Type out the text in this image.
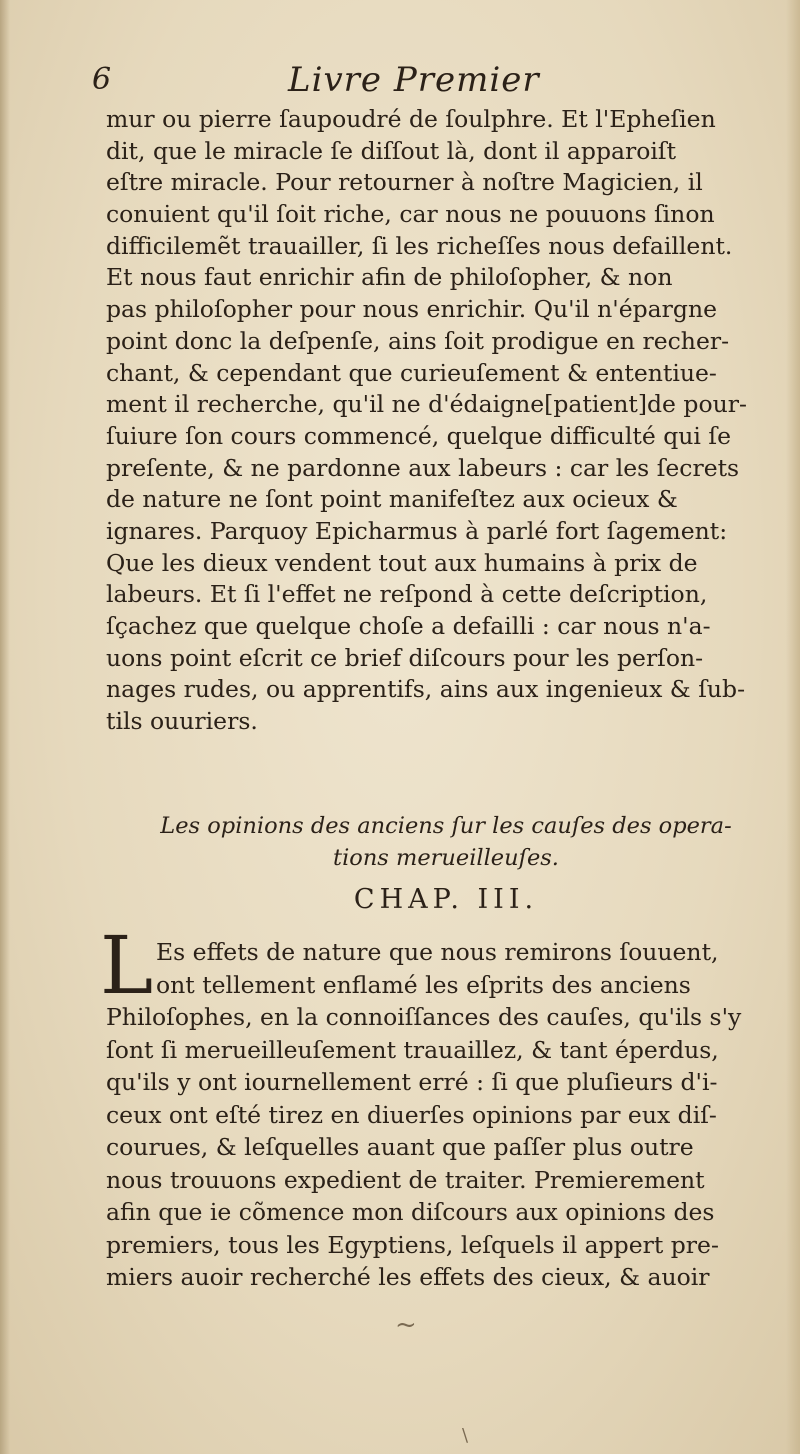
6	Livre Premier
mur ou pierre ſaupoudré de ſoulphre. Et l'Epheſien
dit, que le miracle ſe diſſout là, dont il apparoiſt
eſtre miracle. Pour retourner à noſtre Magicien, il
conuient qu'il ſoit riche, car nous ne pouuons ſinon
difficilemẽt trauailler, ſi les richeſſes nous defaillent.
Et nous faut enrichir afin de philoſopher, & non
pas philoſopher pour nous enrichir. Qu'il n'épargne
point donc la deſpenſe, ains ſoit prodigue en recher-
chant, & cependant que curieuſement & ententiue-
ment il recherche, qu'il ne d'édaigne[patient]de pour-
ſuiure ſon cours commencé, quelque difficulté qui ſe
preſente, & ne pardonne aux labeurs : car les ſecrets
de nature ne ſont point manifeſtez aux ocieux &
ignares. Parquoy Epicharmus à parlé fort ſagement:
Que les dieux vendent tout aux humains à prix de
labeurs. Et ſi l'effet ne reſpond à cette deſcription,
ſçachez que quelque choſe a defailli : car nous n'a-
uons point eſcrit ce brief diſcours pour les perſon-
nages rudes, ou apprentifs, ains aux ingenieux & ſub-
tils ouuriers.
Les opinions des anciens ſur les cauſes des opera-
tions merueilleuſes.
CHAP. III.
L Es effets de nature que nous remirons ſouuent,
ont tellement enflamé les eſprits des anciens
Philoſophes, en la connoiſſances des cauſes, qu'ils s'y
ſont ſi merueilleuſement trauaillez, & tant éperdus,
qu'ils y ont iournellement erré : ſi que pluſieurs d'i-
ceux ont eſté tirez en diuerſes opinions par eux diſ-
courues, & leſquelles auant que paſſer plus outre
nous trouuons expedient de traiter. Premierement
afin que ie cõmence mon diſcours aux opinions des
premiers, tous les Egyptiens, leſquels il appert pre-
miers auoir recherché les effets des cieux, & auoir
~
\
